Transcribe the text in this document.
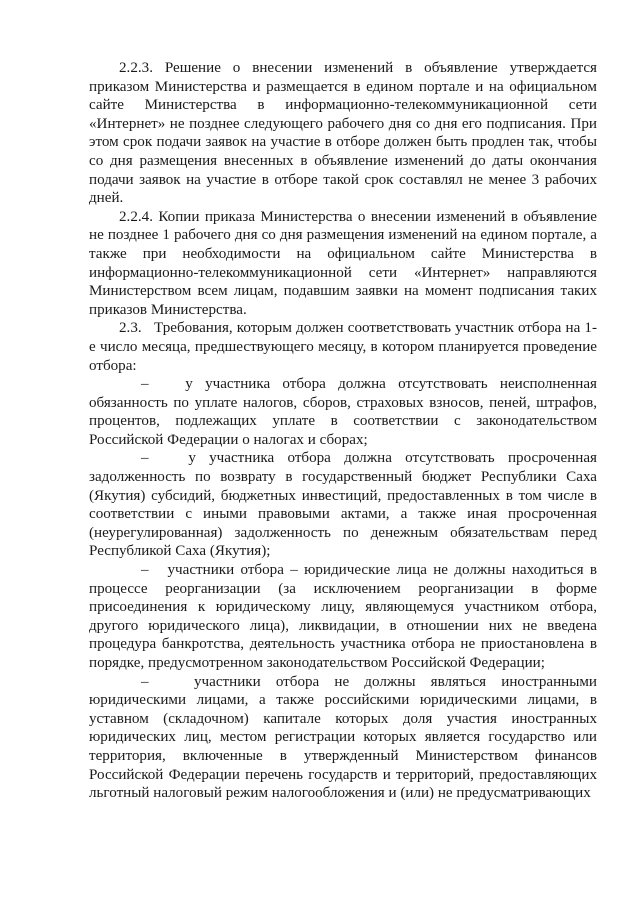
2.2.3. Решение о внесении изменений в объявление утверждается приказом Министерства и размещается в едином портале и на официальном сайте Министерства в информационно-телекоммуникационной сети «Интернет» не позднее следующего рабочего дня со дня его подписания. При этом срок подачи заявок на участие в отборе должен быть продлен так, чтобы со дня размещения внесенных в объявление изменений до даты окончания подачи заявок на участие в отборе такой срок составлял не менее 3 рабочих дней.

2.2.4. Копии приказа Министерства о внесении изменений в объявление не позднее 1 рабочего дня со дня размещения изменений на едином портале, а также при необходимости на официальном сайте Министерства в информационно-телекоммуникационной сети «Интернет» направляются Министерством всем лицам, подавшим заявки на момент подписания таких приказов Министерства.

2.3.   Требования, которым должен соответствовать участник отбора на 1-е число месяца, предшествующего месяцу, в котором планируется проведение отбора:

–   у участника отбора должна отсутствовать неисполненная обязанность по уплате налогов, сборов, страховых взносов, пеней, штрафов, процентов, подлежащих уплате в соответствии с законодательством Российской Федерации о налогах и сборах;

–   у участника отбора должна отсутствовать просроченная задолженность по возврату в государственный бюджет Республики Саха (Якутия) субсидий, бюджетных инвестиций, предоставленных в том числе в соответствии с иными правовыми актами, а также иная просроченная (неурегулированная) задолженность по денежным обязательствам перед Республикой Саха (Якутия);

–   участники отбора – юридические лица не должны находиться в процессе реорганизации (за исключением реорганизации в форме присоединения к юридическому лицу, являющемуся участником отбора, другого юридического лица), ликвидации, в отношении них не введена процедура банкротства, деятельность участника отбора не приостановлена в порядке, предусмотренном законодательством Российской Федерации;

–   участники отбора не должны являться иностранными юридическими лицами, а также российскими юридическими лицами, в уставном (складочном) капитале которых доля участия иностранных юридических лиц, местом регистрации которых является государство или территория, включенные в утвержденный Министерством финансов Российской Федерации перечень государств и территорий, предоставляющих льготный налоговый режим налогообложения и (или) не предусматривающих
